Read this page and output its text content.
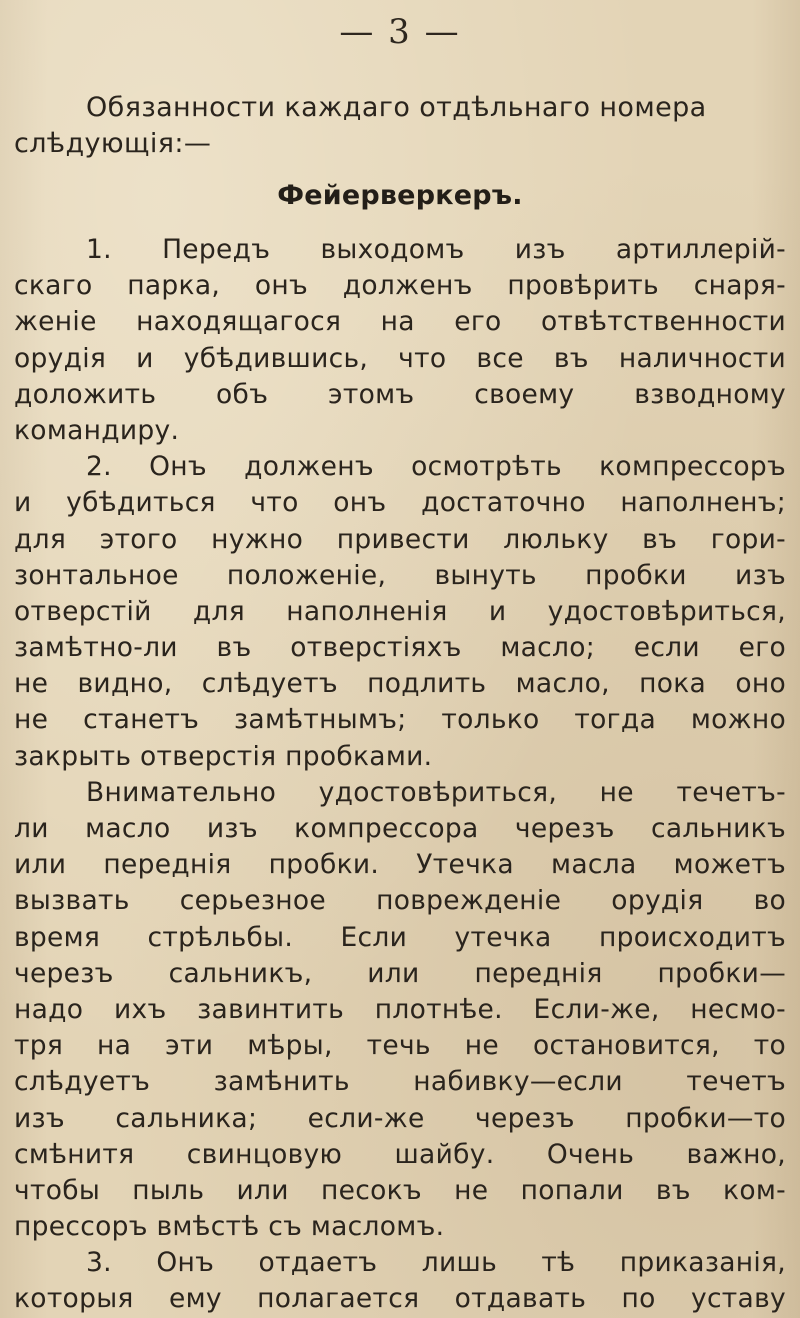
— 3 —
Обязанности каждаго отдѣльнаго номера
слѣдующія:—
Фейерверкеръ.
1. Передъ выходомъ изъ артиллерій-
скаго парка, онъ долженъ провѣрить снаря-
женіе находящагося на его отвѣтственности
орудія и убѣдившись, что все въ наличности
доложить объ этомъ своему взводному
командиру.
2. Онъ долженъ осмотрѣть компрессоръ
и убѣдиться что онъ достаточно наполненъ;
для этого нужно привести люльку въ гори-
зонтальное положеніе, вынуть пробки изъ
отверстій для наполненія и удостовѣриться,
замѣтно-ли въ отверстіяхъ масло; если его
не видно, слѣдуетъ подлить масло, пока оно
не станетъ замѣтнымъ; только тогда можно
закрыть отверстія пробками.
Внимательно удостовѣриться, не течетъ-
ли масло изъ компрессора черезъ сальникъ
или переднія пробки. Утечка масла можетъ
вызвать серьезное поврежденіе орудія во
время стрѣльбы. Если утечка происходитъ
черезъ сальникъ, или переднія пробки—
надо ихъ завинтить плотнѣе. Если-же, несмо-
тря на эти мѣры, течь не остановится, то
слѣдуетъ замѣнить набивку—если течетъ
изъ сальника; если-же черезъ пробки—то
смѣнитя свинцовую шайбу. Очень важно,
чтобы пыль или песокъ не попали въ ком-
прессоръ вмѣстѣ съ масломъ.
3. Онъ отдаетъ лишь тѣ приказанія,
которыя ему полагается отдавать по уставу
